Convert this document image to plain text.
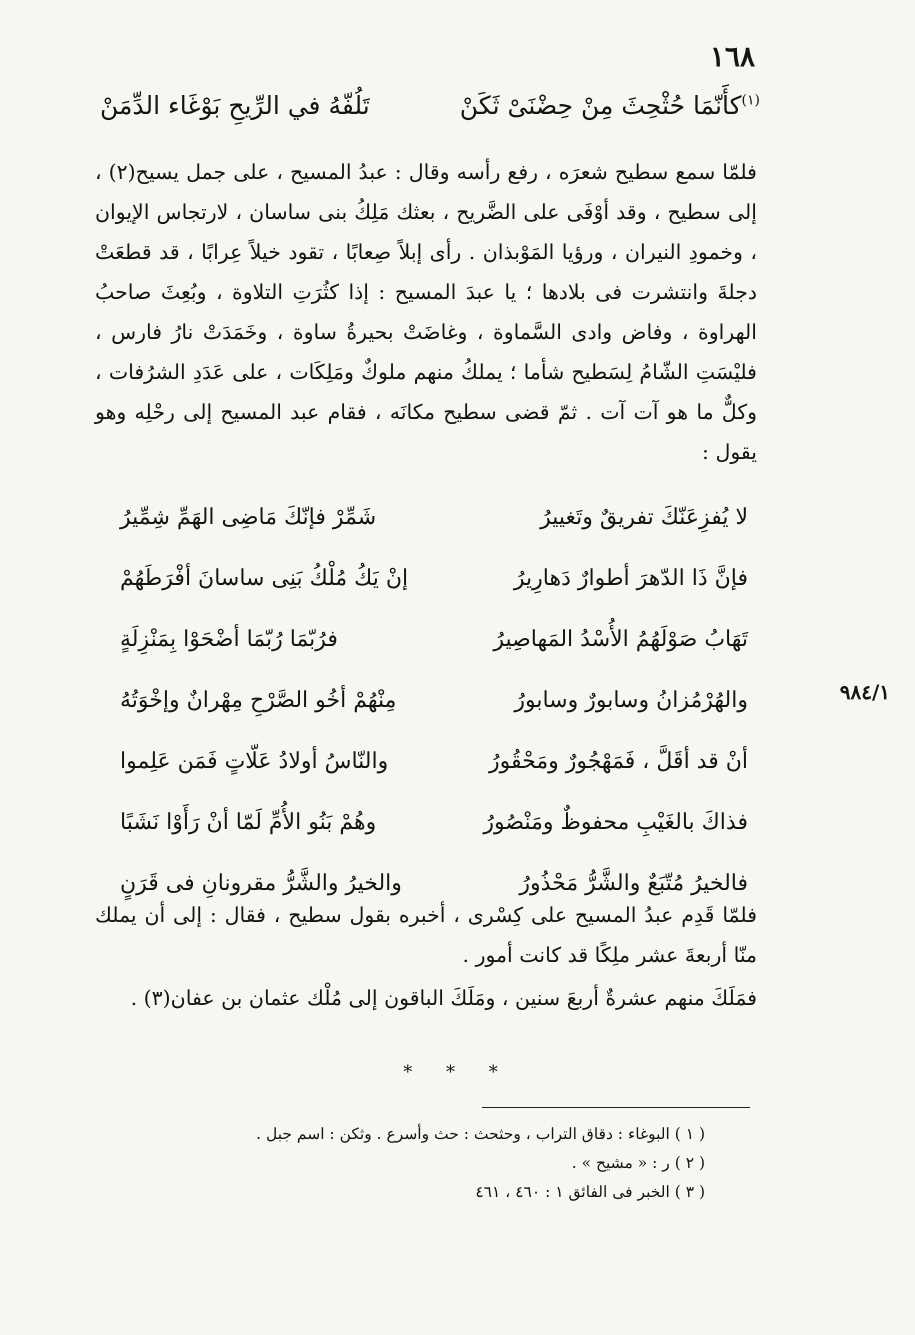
١٦٨
$^{(١)}$كأَنّمَا حُثْحِثَ مِنْ حِضْنَىْ ثَكَنْ
تَلُفّهُ في الرِّيحِ بَوْغَاء الدِّمَنْ

فلمّا سمع سطيح شعرَه ، رفع رأسه وقال : عبدُ المسيح ، على جمل يسيح(٢) ، إلى سطيح ، وقد أوْفَى على الضَّريح ، بعثك مَلِكُ بنى ساسان ، لارتجاس الإيوان ، وخمودِ النيران ، ورؤيا المَوْبذان . رأى إبلاً صِعابًا ، تقود خيلاً عِرابًا ، قد قطعَتْ دجلةَ وانتشرت فى بلادها ؛ يا عبدَ المسيح : إذا كثُرَتِ التلاوة ، وبُعِثَ صاحبُ الهراوة ، وفاض وادى السَّماوة ، وغاضَتْ بحيرةُ ساوة ، وخَمَدَتْ نارُ فارس ، فليْسَتِ الشّامُ لِسَطيح شأما ؛ يملكُ منهم ملوكٌ ومَلِكَات ، على عَدَدِ الشرُفات ، وكلٌّ ما هو آت آت . ثمّ قضى سطيح مكانَه ، فقام عبد المسيح إلى رحْلِه وهو يقول :

لا يُفزِعَنّكَ تفريقٌ وتَغييرُ
شَمِّرْ فإنّكَ مَاضِى الهَمِّ شِمِّيرُ
فإنَّ ذَا الدّهرَ أطوارٌ دَهارِيرُ
إنْ يَكُ مُلْكُ بَنِى ساسانَ أفْرَطَهُمْ
تَهَابُ صَوْلَهُمُ الأُسْدُ المَهاصِيرُ
فرُبّمَا رُبّمَا أضْحَوْا بِمَنْزِلَةٍ
والهُرْمُزانُ وسابورٌ وسابورُ
مِنْهُمْ أخُو الصَّرْحِ مِهْرانٌ وإخْوَتُهُ
أنْ قد أقَلَّ ، فَمَهْجُورٌ ومَحْقُورُ
والنّاسُ أولادُ عَلّاتٍ فَمَن عَلِموا
فذاكَ بالغَيْبِ محفوظٌ ومَنْصُورُ
وهُمْ بَنُو الأُمِّ لَمّا أنْ رَأَوْا نَشَبًا
فالخيرُ مُتّبَعٌ والشَّرُّ مَحْذُورُ
والخيرُ والشَّرُّ مقرونانِ فى قَرَنٍ
٩٨٤/١

فلمّا قَدِم عبدُ المسيح على كِسْرى ، أخبره بقول سطيح ، فقال : إلى أن يملك منّا أربعةَ عشر ملِكًا قد كانت أمور .

فمَلَكَ منهم عشرةٌ أربعَ سنين ، ومَلَكَ الباقون إلى مُلْك عثمان بن عفان(٣) .

* * *
( ١ ) البوغاء : دقاق التراب ، وحثحث : حث وأسرع . وثكن : اسم جبل .
( ٢ ) ر : « مشيح » .
( ٣ ) الخبر فى الفائق ١ : ٤٦٠ ، ٤٦١
